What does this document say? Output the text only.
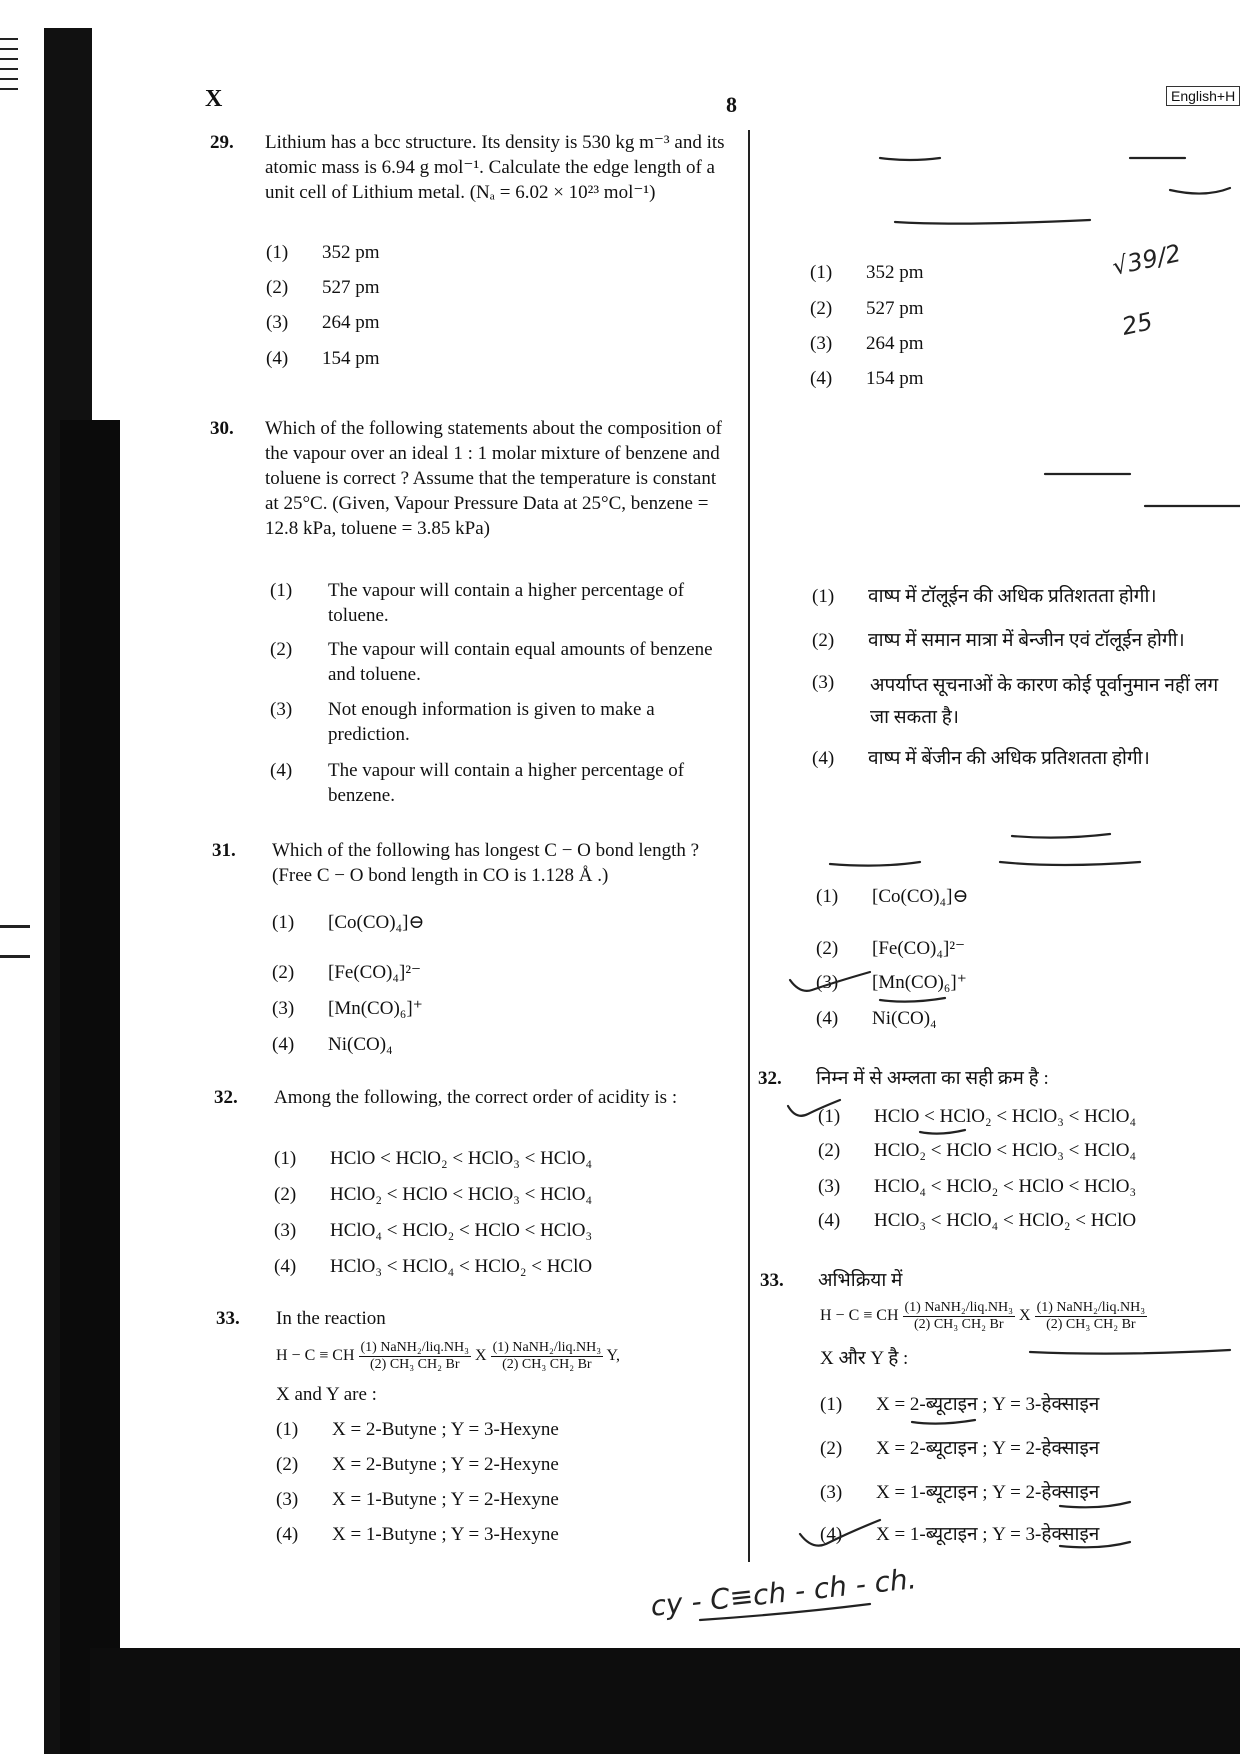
X	8	English+H
29. Lithium has a bcc structure. Its density is 530 kg m⁻³ and its atomic mass is 6.94 g mol⁻¹. Calculate the edge length of a unit cell of Lithium metal. (Nₐ = 6.02 × 10²³ mol⁻¹)
(1) 352 pm
(2) 527 pm
(3) 264 pm
(4) 154 pm
30. Which of the following statements about the composition of the vapour over an ideal 1 : 1 molar mixture of benzene and toluene is correct ? Assume that the temperature is constant at 25°C. (Given, Vapour Pressure Data at 25°C, benzene = 12.8 kPa, toluene = 3.85 kPa)
(1) The vapour will contain a higher percentage of toluene.
(2) The vapour will contain equal amounts of benzene and toluene.
(3) Not enough information is given to make a prediction.
(4) The vapour will contain a higher percentage of benzene.
31. Which of the following has longest C − O bond length ? (Free C − O bond length in CO is 1.128 Å .)
(1) [Co(CO)₄]⊖
(2) [Fe(CO)₄]²⁻
(3) [Mn(CO)₆]⁺
(4) Ni(CO)₄
32. Among the following, the correct order of acidity is :
(1) HClO < HClO₂ < HClO₃ < HClO₄
(2) HClO₂ < HClO < HClO₃ < HClO₄
(3) HClO₄ < HClO₂ < HClO < HClO₃
(4) HClO₃ < HClO₄ < HClO₂ < HClO
33. In the reaction
H − C ≡ CH $\frac{\text{(1) NaNH₂/liq.NH₃}}{\text{(2) CH₃ CH₂ Br}}$ X $\frac{\text{(1) NaNH₂/liq.NH₃}}{\text{(2) CH₃ CH₂ Br}} Y$,
X and Y are :
(1) X = 2-Butyne ; Y = 3-Hexyne
(2) X = 2-Butyne ; Y = 2-Hexyne
(3) X = 1-Butyne ; Y = 2-Hexyne
(4) X = 1-Butyne ; Y = 3-Hexyne
(1) 352 pm
(2) 527 pm
(3) 264 pm
(4) 154 pm
(1) वाष्प में टॉलूईन की अधिक प्रतिशतता होगी।
(2) वाष्प में समान मात्रा में बेन्जीन एवं टॉलूईन होगी।
(3) अपर्याप्त सूचनाओं के कारण कोई पूर्वानुमान नहीं लग जा सकता है।
(4) वाष्प में बेंजीन की अधिक प्रतिशतता होगी।
(1) [Co(CO)₄]⊖
(2) [Fe(CO)₄]²⁻
(3) [Mn(CO)₆]⁺
(4) Ni(CO)₄
32. निम्न में से अम्लता का सही क्रम है :
(1) HClO < HClO₂ < HClO₃ < HClO₄
(2) HClO₂ < HClO < HClO₃ < HClO₄
(3) HClO₄ < HClO₂ < HClO < HClO₃
(4) HClO₃ < HClO₄ < HClO₂ < HClO
33. अभिक्रिया में
H − C ≡ CH $\frac{\text{(1) NaNH₂/liq.NH₃}}{\text{(2) CH₃ CH₂ Br}}$ X $\frac{\text{(1) NaNH₂/liq.NH₃}}{\text{(2) CH₃ CH₂ Br}}$
X और Y है :
(1) X = 2-ब्यूटाइन ; Y = 3-हेक्साइन
(2) X = 2-ब्यूटाइन ; Y = 2-हेक्साइन
(3) X = 1-ब्यूटाइन ; Y = 2-हेक्साइन
(4) X = 1-ब्यूटाइन ; Y = 3-हेक्साइन
√39/2
25
cy - C≡ch - ch - ch.
